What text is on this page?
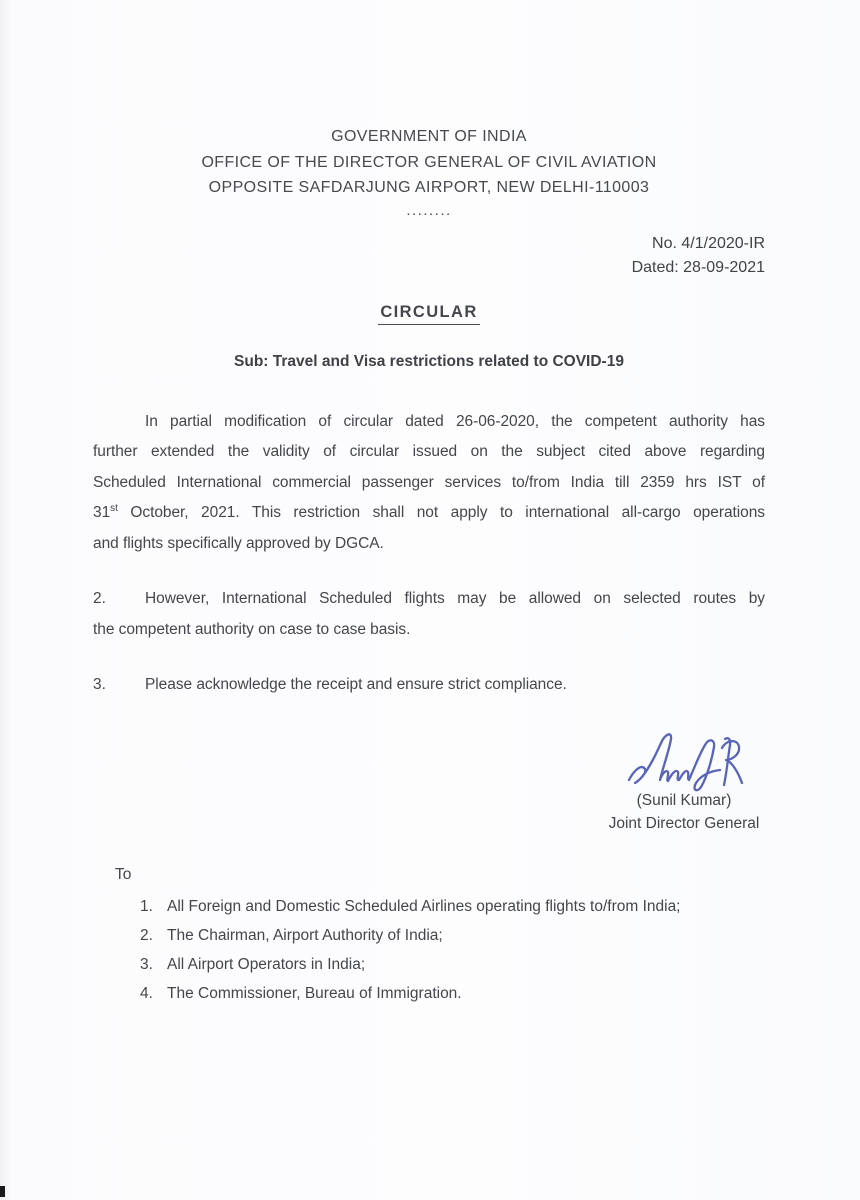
GOVERNMENT OF INDIA
OFFICE OF THE DIRECTOR GENERAL OF CIVIL AVIATION
OPPOSITE SAFDARJUNG AIRPORT, NEW DELHI-110003
........
No. 4/1/2020-IR
Dated: 28-09-2021
CIRCULAR
Sub: Travel and Visa restrictions related to COVID-19
In partial modification of circular dated 26-06-2020, the competent authority has
further extended the validity of circular issued on the subject cited above regarding
Scheduled International commercial passenger services to/from India till 2359 hrs IST of
31st October, 2021. This restriction shall not apply to international all-cargo operations
and flights specifically approved by DGCA.
2.	However, International Scheduled flights may be allowed on selected routes by
the competent authority on case to case basis.
3.	Please acknowledge the receipt and ensure strict compliance.
(Sunil Kumar)
Joint Director General
To
1. All Foreign and Domestic Scheduled Airlines operating flights to/from India;
2. The Chairman, Airport Authority of India;
3. All Airport Operators in India;
4. The Commissioner, Bureau of Immigration.
